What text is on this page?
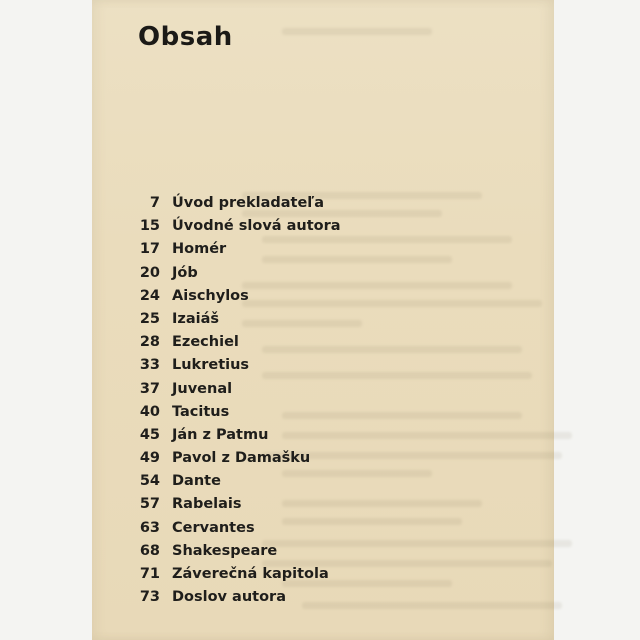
Obsah
7 Úvod prekladateľa
15 Úvodné slová autora
17 Homér
20 Jób
24 Aischylos
25 Izaiáš
28 Ezechiel
33 Lukretius
37 Juvenal
40 Tacitus
45 Ján z Patmu
49 Pavol z Damašku
54 Dante
57 Rabelais
63 Cervantes
68 Shakespeare
71 Záverečná kapitola
73 Doslov autora
